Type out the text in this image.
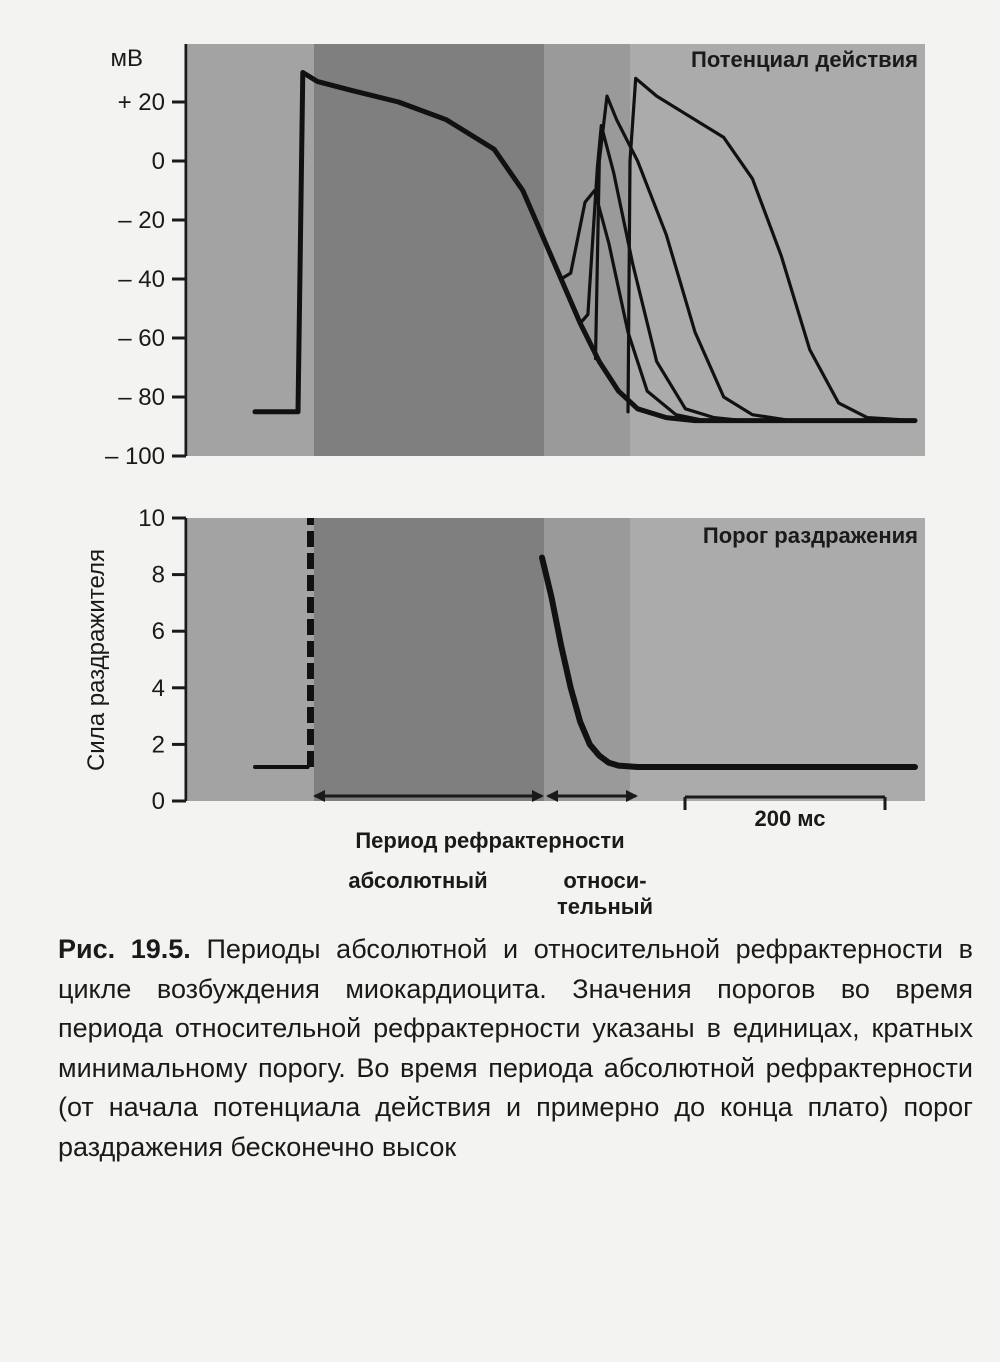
мВ
+ 20
0
– 20
– 40
– 60
– 80
– 100
Потенциал действия
Сила раздражителя
10
8
6
4
2
0
Порог раздражения
200 мс
Период рефрактерности
абсолютный	относи-
тельный
Рис. 19.5. Периоды абсолютной и относительной рефрактерности в цикле возбуждения миокардиоцита. Значения порогов во время периода относительной рефрактерности указаны в единицах, кратных минимальному порогу. Во время периода абсолютной рефрактерности (от начала потенциала действия и примерно до конца плато) порог раздражения бесконечно высок
